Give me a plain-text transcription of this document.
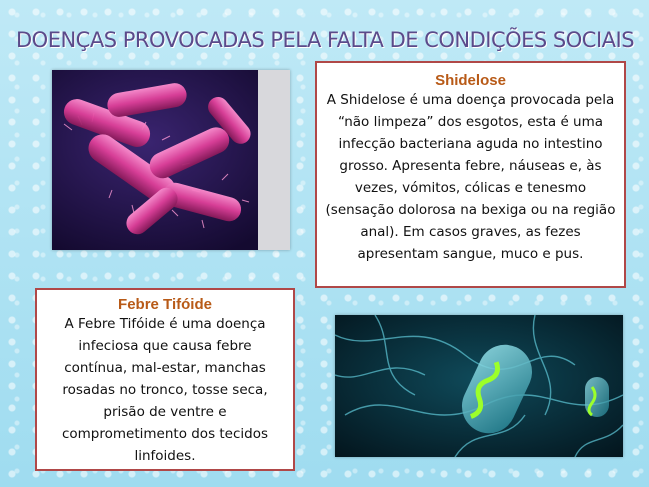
DOENÇAS PROVOCADAS PELA FALTA DE CONDIÇÕES SOCIAIS
Shidelose

A Shidelose é uma doença provocada pela “não limpeza” dos esgotos, esta é uma infecção bacteriana aguda no intestino grosso. Apresenta febre, náuseas e, às vezes, vómitos, cólicas e tenesmo (sensação dolorosa na bexiga ou na região anal). Em casos graves, as fezes apresentam sangue, muco e pus.

Febre Tifóide

A Febre Tifóide é uma doença infeciosa que causa febre contínua, mal-estar, manchas rosadas no tronco, tosse seca, prisão de ventre e comprometimento dos tecidos linfoides.
